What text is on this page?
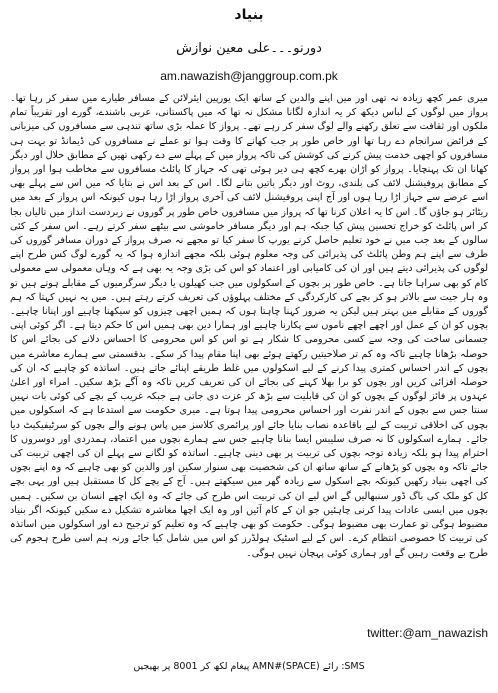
بنیاد
دورنو۔۔۔علی معین نوازش
am.nawazish@janggroup.com.pk
میری عمر کچھ زیادہ نہ تھی اور میں اپنے والدین کے ساتھ ایک یورپین ایئرلائن کے مسافر طیارے میں سفر کر رہا تھا۔ پرواز میں لوگوں کے لباس دیکھ کر یہ اندازہ لگانا مشکل نہ تھا کہ میں پاکستانی، عربی باشندے، گورے اور تقریباً تمام ملکوں اور ثقافت سے تعلق رکھنے والے لوگ سفر کر رہے تھے۔ پرواز کا عملہ بڑی ساتھ تندہی سے مسافروں کی میزبانی کے فرائض سرانجام دے رہا تھا اور خاص طور پر جب کھانے کا وقت ہوا تو عملے نے مسافروں کی ڈیمانڈ تو بہت ہی مسافروں کو اچھی خدمت پیش کرنے کی کوشش کی تاکہ پرواز میں کے پہلے سے دے رکھی تھیں کے مطابق حلال اور دیگر کھانا ان تک پہنچایا۔ پرواز کو اڑان بھرے کچھ ہی دیر ہوئی تھی کہ جہاز کا پائلٹ مسافروں سے مخاطب ہوا اور پرواز کے مطابق پروفیشنل لائف کی بلندی، روٹ اور دیگر باتیں بتانے لگا۔ اس کے بعد اس نے بتایا کہ میں اس سے پہلے بھی اسے عرصے سے جہاز اڑا رہا ہوں اور آج اپنی پروفیشنل لائف کی آخری پرواز اڑا رہا ہوں کیونکہ اس پرواز کے بعد میں ریٹائر ہو جاؤں گا۔ اس کا یہ اعلان کرنا تھا کہ پرواز میں مسافروں خاص طور پر گوروں نے زبردست انداز میں تالیاں بجا کر اس پائلٹ کو خراج تحسین پیش کیا جبکہ ہم اور دیگر مسافر خاموشی سے بیٹھے سفر کرتے رہے۔ اس سفر کے کئی سالوں کے بعد جب میں نے خود تعلیم حاصل کرنے یورپ کا سفر کیا تو مجھے نہ صرف پرواز کے دوران مسافر گوروں کی طرف سے اپنے ہم وطن پائلٹ کی پذیرائی کی وجہ معلوم ہوئی بلکہ مجھے اندازہ ہوا کہ یہ گورے لوگ کس طرح اپنے لوگوں کی پذیرائی دیتے ہیں اور ان کی کامیابی اور اعتماد کو اس کی بڑی وجہ یہ بھی ہے کہ وہاں معمولی سے معمولی کام کو بھی سراہا جاتا ہے۔ خاص طور پر بچوں کے اسکولوں میں جب کھیلوں یا دیگر سرگرمیوں کے مقابلے ہوتے ہیں تو وہ ہار جیت سے بالاتر ہو کر بچے کی کارکردگی کے مختلف پہلوؤں کی تعریف کرتے رہتے ہیں۔ میں یہ نہیں کہتا کہ ہم گوروں کے مقابلے میں بہتر ہیں لیکن یہ ضرور کہنا چاہتا ہوں کہ ہمیں اچھی چیزوں کو سیکھنا چاہیے اور اپنانا چاہیے۔ بچوں کو ان کے عمل اور اچھے اچھے ناموں سے پکارنا چاہیے اور ہمارا دین بھی ہمیں اس کا حکم دیتا ہے۔ اگر کوئی اپنی جسمانی ساخت کی وجہ سے کسی محرومی کا شکار ہے تو اس کو اس محرومی کا احساس دلانے کی بجائے اس کا حوصلہ بڑھانا چاہیے تاکہ وہ کم تر صلاحیتیں رکھتے ہوئے بھی اپنا مقام پیدا کر سکے۔ بدقسمتی سے ہمارے معاشرے میں بچوں کے اندر احساس کمتری پیدا کرنے کے لیے اسکولوں میں غلط طریقے اپنائے جاتے ہیں۔ اساتذہ کو چاہیے کہ ان کی حوصلہ افزائی کریں اور بچوں کو برا بھلا کہنے کی بجائے ان کی تعریف کریں تاکہ وہ آگے بڑھ سکیں۔ امراء اور اعلیٰ عہدوں پر فائز لوگوں کے بچوں کو ان کی قابلیت سے بڑھ کر عزت دی جاتی ہے جبکہ غریب کے بچے کی کوئی بات نہیں سنتا جس سے بچوں کے اندر نفرت اور احساس محرومی پیدا ہوتا ہے۔ میری حکومت سے استدعا ہے کہ اسکولوں میں بچوں کی اخلاقی تربیت کے لیے باقاعدہ نصاب بنایا جائے اور پرائمری کلاسز میں پاس ہونے والے بچوں کو سرٹیفیکیٹ دیا جائے۔ ہمارے اسکولوں کا نہ صرف سلیبس ایسا بنانا چاہیے جس سے ہمارے بچوں میں اعتماد، ہمدردی اور دوسروں کا احترام پیدا ہو بلکہ زیادہ توجہ بچوں کی تربیت پر بھی دینی چاہیے۔ اساتذہ کو لگانے سے پہلے ان کی اچھی تربیت کی جائے تاکہ وہ بچوں کو پڑھانے کے ساتھ ساتھ ان کی شخصیت بھی سنوار سکیں اور والدین کو بھی چاہیے کہ وہ اپنے بچوں کی اچھی بنیاد رکھیں کیونکہ بچے اسکول سے زیادہ گھر میں سیکھتے ہیں۔ آج کے بچے کل کا مستقبل ہیں اور یہی بچے کل کو ملک کی باگ ڈور سنبھالیں گے اس لیے ان کی تربیت اس طرح کی جائے کہ وہ ایک اچھے انسان بن سکیں۔ ہمیں بچوں میں ایسی عادات پیدا کرنی چاہئیں جو ان کے کام آئیں اور وہ ایک اچھا معاشرہ تشکیل دے سکیں کیونکہ اگر بنیاد مضبوط ہوگی تو عمارت بھی مضبوط ہوگی۔ حکومت کو بھی چاہیے کہ وہ تعلیم کو ترجیح دے اور اسکولوں میں اساتذہ کی تربیت کا خصوصی انتظام کرے۔ اس کے لیے اسٹیک ہولڈرز کو اس میں شامل کیا جائے ورنہ ہم اسی طرح ہجوم کی طرح بے وقعت رہیں گے اور ہماری کوئی پہچان نہیں ہوگی۔
twitter:@am_nawazish
SMS: رائے (SPACE)#AMN پیغام لکھ کر 8001 پر بھیجیں
